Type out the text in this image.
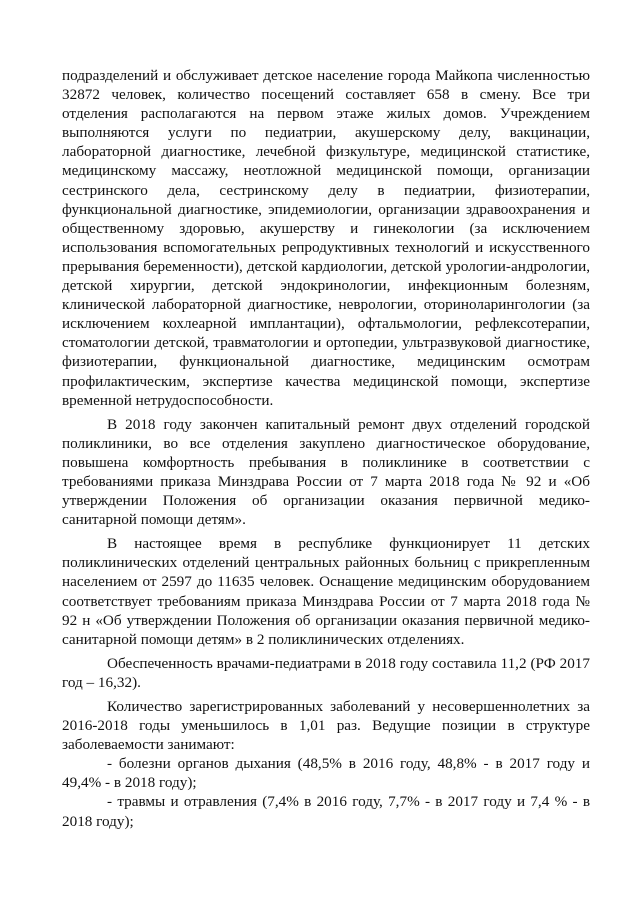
подразделений и обслуживает детское население города Майкопа численностью 32872 человек, количество посещений составляет 658 в смену. Все три отделения располагаются на первом этаже жилых домов. Учреждением выполняются услуги по педиатрии, акушерскому делу, вакцинации, лабораторной диагностике, лечебной физкультуре, медицинской статистике, медицинскому массажу, неотложной медицинской помощи, организации сестринского дела, сестринскому делу в педиатрии, физиотерапии, функциональной диагностике, эпидемиологии, организации здравоохранения и общественному здоровью, акушерству и гинекологии (за исключением использования вспомогательных репродуктивных технологий и искусственного прерывания беременности), детской кардиологии, детской урологии-андрологии, детской хирургии, детской эндокринологии, инфекционным болезням, клинической лабораторной диагностике, неврологии, оториноларингологии (за исключением кохлеарной имплантации), офтальмологии, рефлексотерапии, стоматологии детской, травматологии и ортопедии, ультразвуковой диагностике, физиотерапии, функциональной диагностике, медицинским осмотрам профилактическим, экспертизе качества медицинской помощи, экспертизе временной нетрудоспособности.

В 2018 году закончен капитальный ремонт двух отделений городской поликлиники, во все отделения закуплено диагностическое оборудование, повышена комфортность пребывания в поликлинике в соответствии с требованиями приказа Минздрава России от 7 марта 2018 года № 92 и «Об утверждении Положения об организации оказания первичной медико-санитарной помощи детям».

В настоящее время в республике функционирует 11 детских поликлинических отделений центральных районных больниц с прикрепленным населением от 2597 до 11635 человек. Оснащение медицинским оборудованием соответствует требованиям приказа Минздрава России от 7 марта 2018 года № 92 н «Об утверждении Положения об организации оказания первичной медико-санитарной помощи детям» в 2 поликлинических отделениях.

Обеспеченность врачами-педиатрами в 2018 году составила 11,2 (РФ 2017 год – 16,32).

Количество зарегистрированных заболеваний у несовершеннолетних за 2016-2018 годы уменьшилось в 1,01 раз. Ведущие позиции в структуре заболеваемости занимают:

- болезни органов дыхания (48,5% в 2016 году, 48,8% - в 2017 году и 49,4% - в 2018 году);

- травмы и отравления (7,4% в 2016 году, 7,7% - в 2017 году и 7,4 % - в 2018 году);
